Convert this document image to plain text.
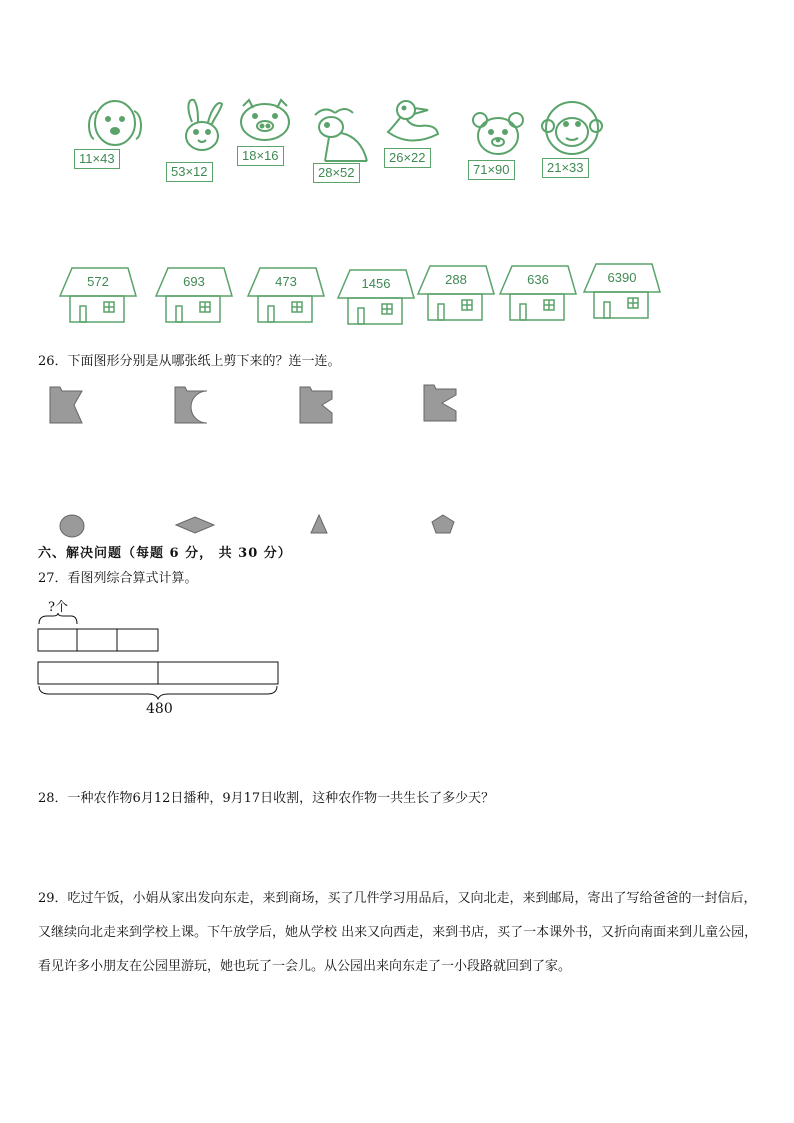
11×43
53×12
18×16
28×52
26×22
71×90	21×33
572	693	473	1456	288	636	6390
26．下面图形分别是从哪张纸上剪下来的？连一连。
六、解决问题（每题 6 分， 共 30 分）
27．看图列综合算式计算。
?个
480
28．一种农作物6月12日播种，9月17日收割，这种农作物一共生长了多少天？
29．吃过午饭，小娟从家出发向东走，来到商场，买了几件学习用品后，又向北走，来到邮局，寄出了写给爸爸的一封信后，又继续向北走来到学校上课。下午放学后，她从学校 出来又向西走，来到书店，买了一本课外书，又折向南面来到儿童公园，看见许多小朋友在公园里游玩，她也玩了一会儿。从公园出来向东走了一小段路就回到了家。
